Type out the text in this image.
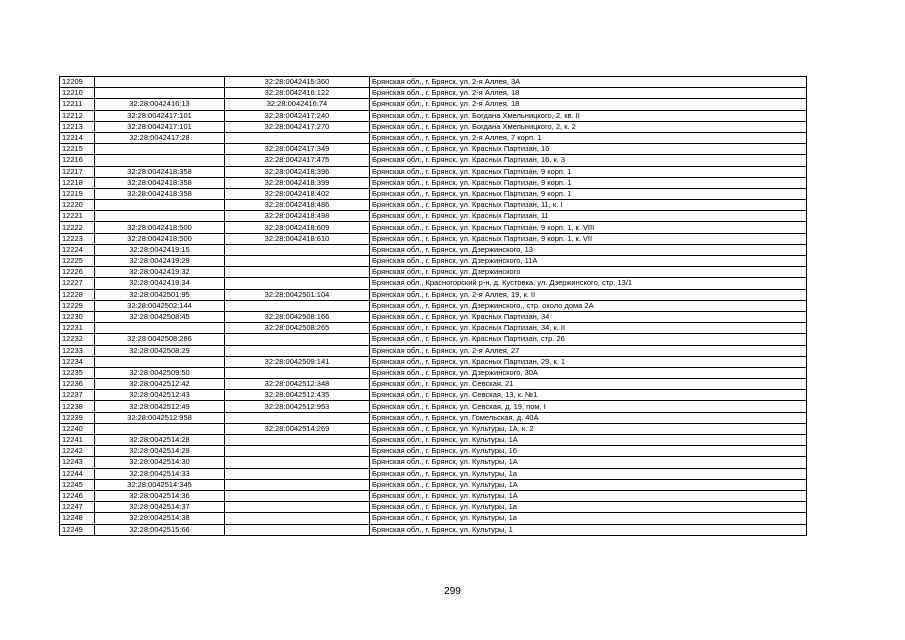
12209		32:28:0042415:360	Брянская обл., г. Брянск, ул. 2-я Аллея, 3А
12210		32:28:0042416:122	Брянская обл., г. Брянск, ул. 2-я Аллея, 18
12211	32:28:0042416:13	32:28:0042416:74	Брянская обл., г. Брянск, ул. 2-я Аллея, 18
12212	32:28:0042417:101	32:28:0042417:240	Брянская обл., г. Брянск, ул. Богдана Хмельницкого, 2, кв. II
12213	32:28:0042417:101	32:28:0042417:270	Брянская обл., г. Брянск, ул. Богдана Хмельницкого, 2, к. 2
12214	32:28:0042417:28		Брянская обл., г. Брянск, ул. 2-я Аллея, 7 корп. 1
12215		32:28:0042417:349	Брянская обл., г. Брянск, ул. Красных Партизан, 16
12216		32:28:0042417:475	Брянская обл., г. Брянск, ул. Красных Партизан, 16, к. 3
12217	32:28:0042418:358	32:28:0042418:396	Брянская обл., г. Брянск, ул. Красных Партизан, 9 корп. 1
12218	32:28:0042418:358	32:28:0042418:399	Брянская обл., г. Брянск, ул. Красных Партизан, 9 корп. 1
12219	32:28:0042418:358	32:28:0042418:402	Брянская обл., г. Брянск, ул. Красных Партизан, 9 корп. 1
12220		32:28:0042418:486	Брянская обл., г. Брянск, ул. Красных Партизан, 11, к. I
12221		32:28:0042418:498	Брянская обл., г. Брянск, ул. Красных Партизан, 11
12222	32:28:0042418:500	32:28:0042418:609	Брянская обл., г. Брянск, ул. Красных Партизан, 9 корп. 1, к. VIII
12223	32:28:0042418:500	32:28:0042418:610	Брянская обл., г. Брянск, ул. Красных Партизан, 9 корп. 1, к. VII
12224	32:28:0042419:15		Брянская обл., г. Брянск, ул. Дзержинского, 13
12225	32:28:0042419:29		Брянская обл., г. Брянск, ул. Дзержинского, 11А
12226	32:28:0042419:32		Брянская обл., г. Брянск, ул. Дзержинского
12227	32:28:0042419:34		Брянская обл., Красногорский р-н, д. Кустовка, ул. Дзержинского, стр. 13/1
12228	32:28:0042501:95	32:28:0042501:104	Брянская обл., г. Брянск, ул. 2-я Аллея, 19, к. II
12229	32:28:0042502:144		Брянская обл., г. Брянск, ул. Дзержинского,, стр. около дома 2А
12230	32:28:0042508:45	32:28:0042508:166	Брянская обл., г. Брянск, ул. Красных Партизан, 34
12231		32:28:0042508:265	Брянская обл., г. Брянск, ул. Красных Партизан, 34, к. II
12232	32:28:0042508:286		Брянская обл., г. Брянск, ул. Красных Партизан, стр. 26
12233	32:28:0042508:29		Брянская обл., г. Брянск, ул. 2-я Аллея, 27
12234		32:28:0042509:141	Брянская обл., г. Брянск, ул. Красных Партизан, 29, к. 1
12235	32:28:0042509:50		Брянская обл., г. Брянск, ул. Дзержинского, 30А
12236	32:28:0042512:42	32:28:0042512:348	Брянская обл., г. Брянск, ул. Севская, 21
12237	32:28:0042512:43	32:28:0042512:435	Брянская обл., г. Брянск, ул. Севская, 13, к. №1
12238	32:28:0042512:49	32:28:0042512:953	Брянская обл., г. Брянск, ул. Севская, д. 19, пом. I
12239	32:28:0042512:958		Брянская обл., г. Брянск, ул. Гомельская, д. 40А
12240		32:28:0042514:269	Брянская обл., г. Брянск, ул. Культуры, 1А, к. 2
12241	32:28:0042514:28		Брянская обл., г. Брянск, ул. Культуры, 1А
12242	32:28:0042514:29		Брянская обл., г. Брянск, ул. Культуры, 16
12243	32:28:0042514:30		Брянская обл., г. Брянск, ул. Культуры, 1А
12244	32:28:0042514:33		Брянская обл., г. Брянск, ул. Культуры, 1а
12245	32:28:0042514:345		Брянская обл., г. Брянск, ул. Культуры, 1А
12246	32:28:0042514:36		Брянская обл., г. Брянск, ул. Культуры, 1А
12247	32:28:0042514:37		Брянская обл., г. Брянск, ул. Культуры, 1а
12248	32:28:0042514:38		Брянская обл., г. Брянск, ул. Культуры, 1а
12249	32:28:0042515:66		Брянская обл., г. Брянск, ул. Культуры, 1
299
